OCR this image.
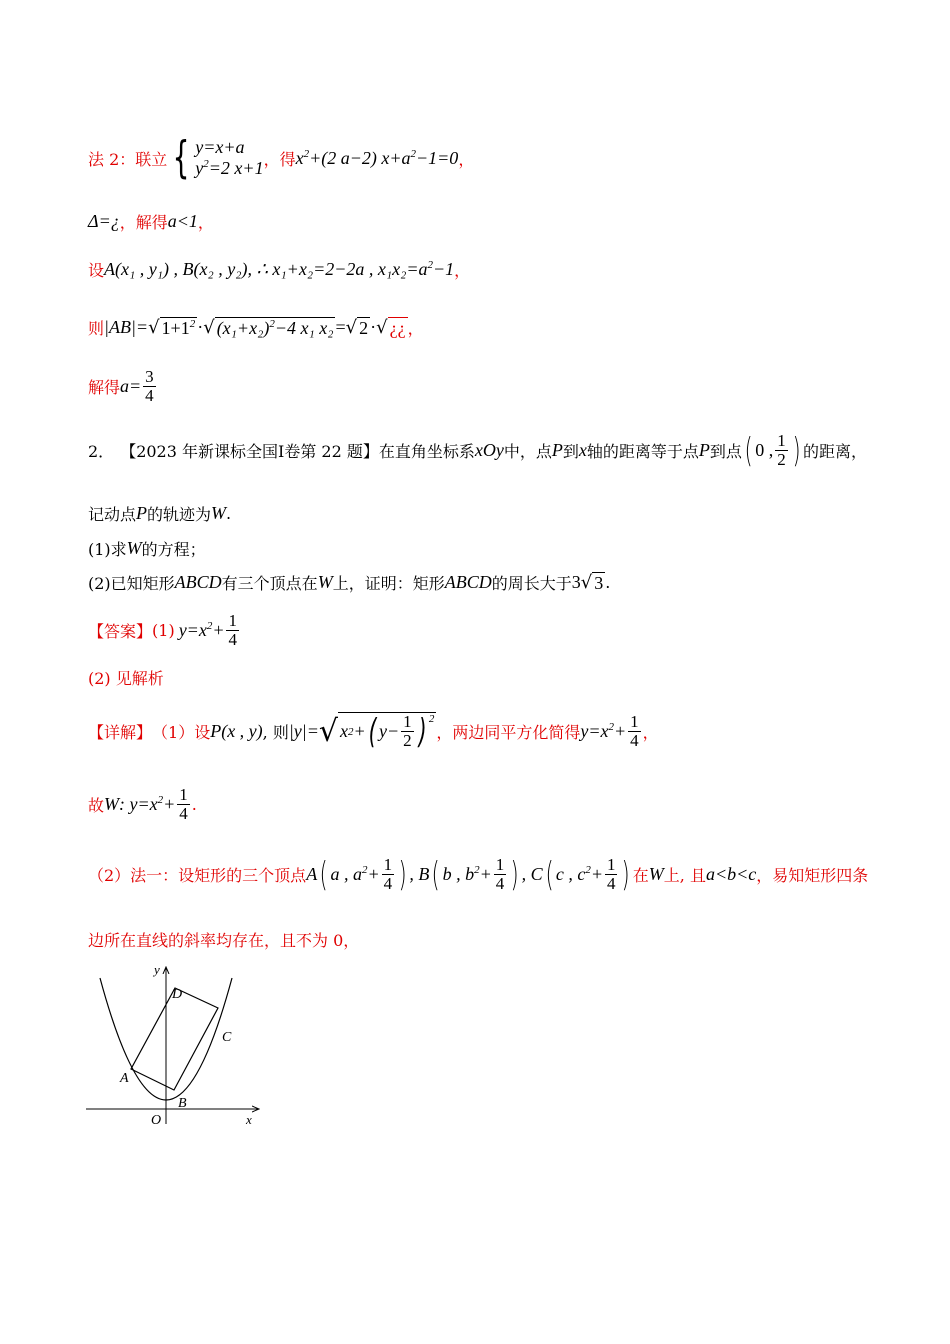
法 2：联立 { y=x+a
$y^2=2$ x+1 ，得 $x^2+(2$ a−2) $x+a^2-1=0$ ，
Δ=¿ ，解得 a<1 ，
设 A(x₁ , y₁) , B(x₂ , y₂) , ∴ x₁+x₂=2−2a , $x_1x_2=a^2-1$ ，
则 |AB|= √ $1+1^2$ · √ $(x_1+x_2)^2-4$ x₁ x₂ = √ 2 · √ ¿¿ ，
解得 $a= \frac{3}{4}$
2． 【2023 年新课标全国Ⅰ卷第 22 题】 在直角坐标系 xOy 中，点 P 到 x 轴的距离等于点 P 到点 ( 0 , $\frac{1}{2}$ ) 的距离，
记动点 P 的轨迹为 W .
(1)求 W 的方程；
(2)已知矩形 ABCD 有三个顶点在 W 上，证明：矩形 ABCD 的周长大于 3 √ 3 .
【答案】 (1) $y=x^2+ \frac{1}{4}$
(2) 见解析
【详解】 （1）设 P (x , y) , 则 |y|= √ x 2 + ( $y- \frac{1}{2} )^2$
，两边同平方化简得 $y=x^2+ \frac{1}{4}$ ，
故 W : $y=x^2+ \frac{1}{4}$ .
（2）法一：设矩形的三个顶点 A ( a , $a^2+ \frac{1}{4}$ ) , B ( b , $b^2+ \frac{1}{4}$ ) , C ( c , $c^2+ \frac{1}{4}$ ) 在 W 上, 且 a<b<c ，易知矩形四条
边所在直线的斜率均存在，且不为 0，
y
x
O
A
B
C
D
